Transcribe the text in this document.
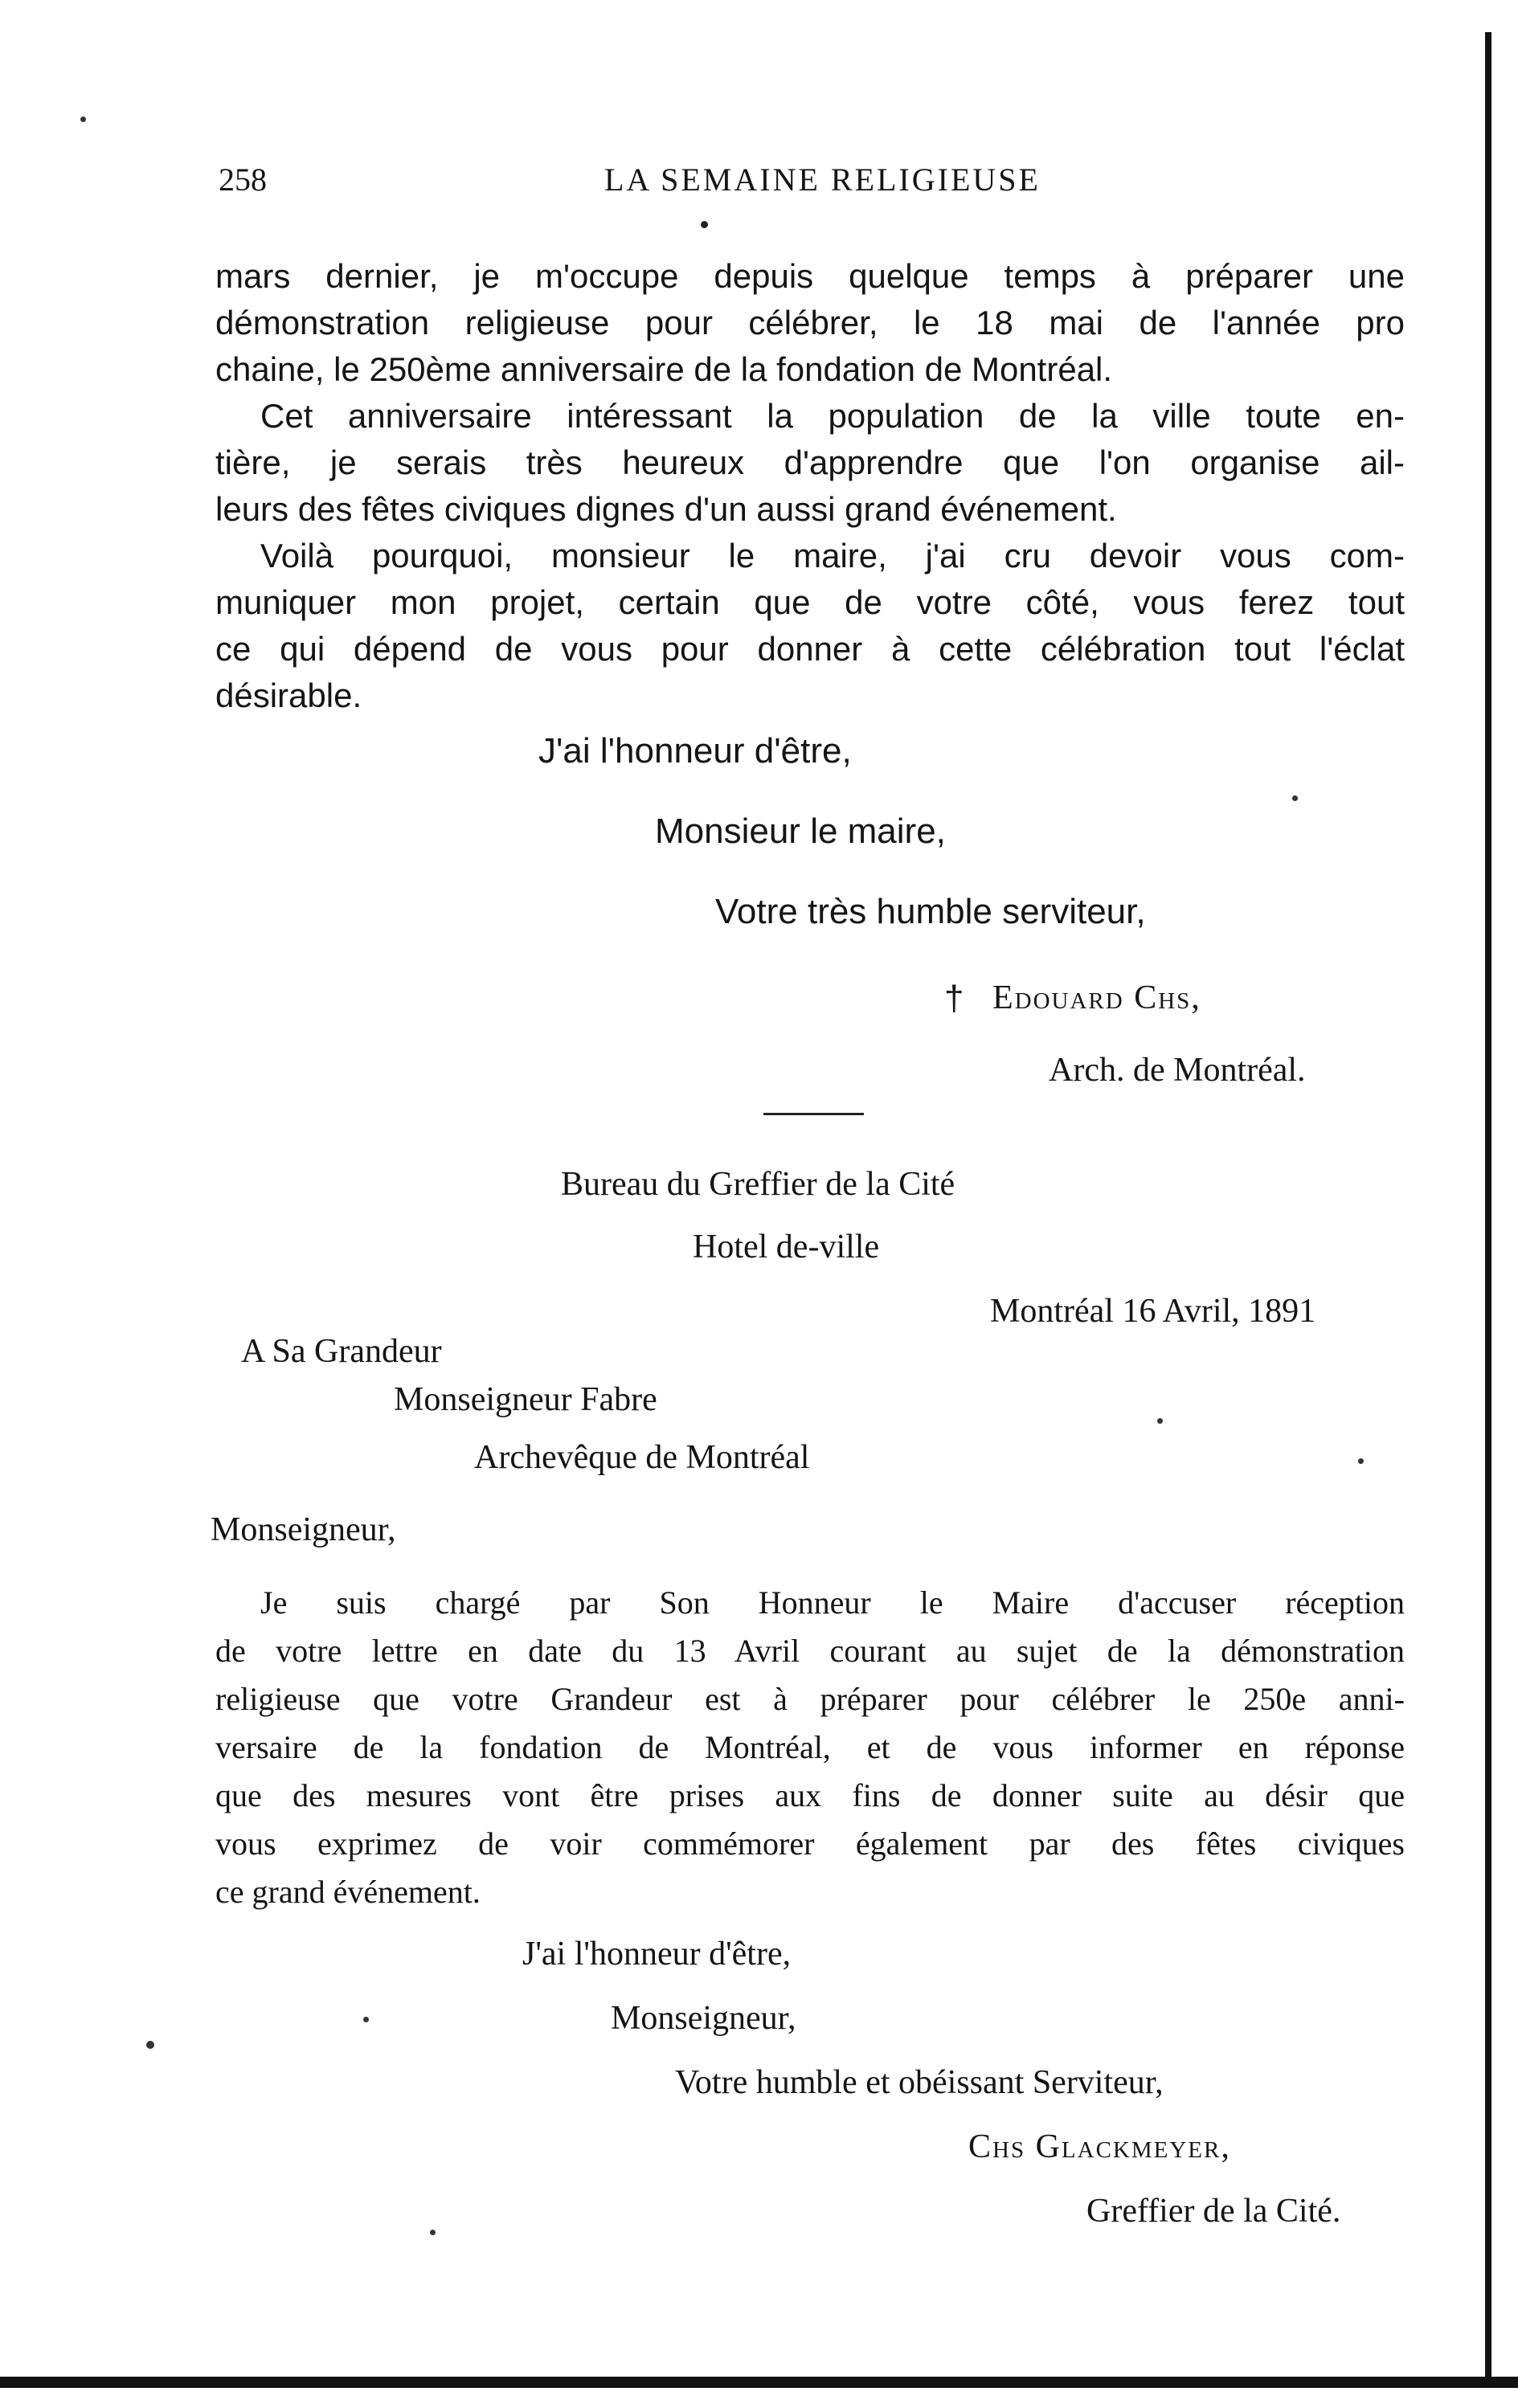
258	LA SEMAINE RELIGIEUSE
mars dernier, je m'occupe depuis quelque temps à préparer une
démonstration religieuse pour célébrer, le 18 mai de l'année pro
chaine, le 250ème anniversaire de la fondation de Montréal.
Cet anniversaire intéressant la population de la ville toute en-
tière, je serais très heureux d'apprendre que l'on organise ail-
leurs des fêtes civiques dignes d'un aussi grand événement.
Voilà pourquoi, monsieur le maire, j'ai cru devoir vous com-
muniquer mon projet, certain que de votre côté, vous ferez tout
ce qui dépend de vous pour donner à cette célébration tout l'éclat
désirable.
J'ai l'honneur d'être,
Monsieur le maire,
Votre très humble serviteur,
† Edouard Chs,
Arch. de Montréal.
Bureau du Greffier de la Cité
Hotel de-ville
Montréal 16 Avril, 1891
A Sa Grandeur
Monseigneur Fabre
Archevêque de Montréal
Monseigneur,
Je suis chargé par Son Honneur le Maire d'accuser réception
de votre lettre en date du 13 Avril courant au sujet de la démonstration
religieuse que votre Grandeur est à préparer pour célébrer le 250e anni-
versaire de la fondation de Montréal, et de vous informer en réponse
que des mesures vont être prises aux fins de donner suite au désir que
vous exprimez de voir commémorer également par des fêtes civiques
ce grand événement.
J'ai l'honneur d'être,
Monseigneur,
Votre humble et obéissant Serviteur,
Chs Glackmeyer,
Greffier de la Cité.
